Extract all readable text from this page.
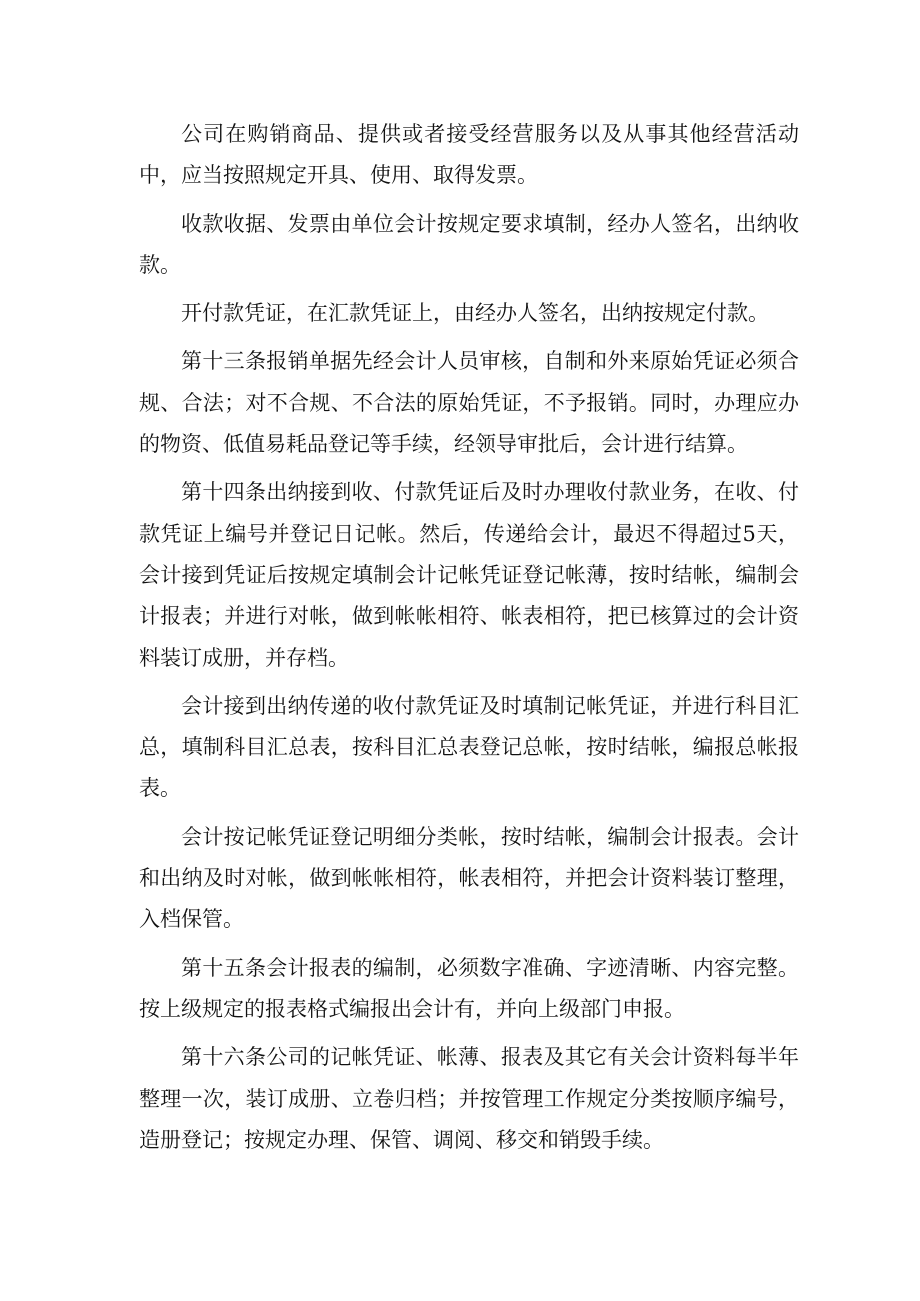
公司在购销商品、提供或者接受经营服务以及从事其他经营活动中，应当按照规定开具、使用、取得发票。

收款收据、发票由单位会计按规定要求填制，经办人签名，出纳收款。

开付款凭证，在汇款凭证上，由经办人签名，出纳按规定付款。

第十三条报销单据先经会计人员审核，自制和外来原始凭证必须合规、合法；对不合规、不合法的原始凭证，不予报销。同时，办理应办的物资、低值易耗品登记等手续，经领导审批后，会计进行结算。

第十四条出纳接到收、付款凭证后及时办理收付款业务，在收、付款凭证上编号并登记日记帐。然后，传递给会计，最迟不得超过5天，会计接到凭证后按规定填制会计记帐凭证登记帐薄，按时结帐，编制会计报表；并进行对帐，做到帐帐相符、帐表相符，把已核算过的会计资料装订成册，并存档。

会计接到出纳传递的收付款凭证及时填制记帐凭证，并进行科目汇总，填制科目汇总表，按科目汇总表登记总帐，按时结帐，编报总帐报表。

会计按记帐凭证登记明细分类帐，按时结帐，编制会计报表。会计和出纳及时对帐，做到帐帐相符，帐表相符，并把会计资料装订整理，入档保管。

第十五条会计报表的编制，必须数字准确、字迹清晰、内容完整。按上级规定的报表格式编报出会计有，并向上级部门申报。

第十六条公司的记帐凭证、帐薄、报表及其它有关会计资料每半年整理一次，装订成册、立卷归档；并按管理工作规定分类按顺序编号，造册登记；按规定办理、保管、调阅、移交和销毁手续。
